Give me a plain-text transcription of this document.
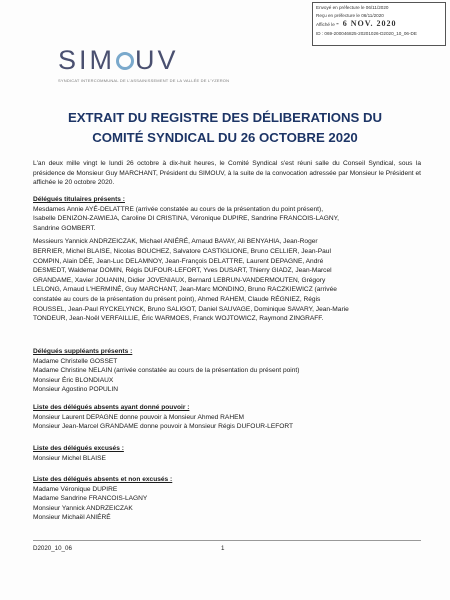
Envoyé en préfecture le 06/11/2020
Reçu en préfecture le 06/11/2020
Affiché le - 6 NOV. 2020
ID : 069-200046825-20201026-D2020_10_06-DE
SIM UV
SYNDICAT INTERCOMMUNAL DE L'ASSAINISSEMENT DE LA VALLÉE DE L'YZERON
EXTRAIT DU REGISTRE DES DÉLIBERATIONS DU
COMITÉ SYNDICAL DU 26 OCTOBRE 2020
L'an deux mille vingt le lundi 26 octobre à dix-huit heures, le Comité Syndical s'est réuni salle du Conseil Syndical, sous la présidence de Monsieur Guy MARCHANT, Président du SIMOUV, à la suite de la convocation adressée par Monsieur le Président et affichée le 20 octobre 2020.
Délégués titulaires présents :
Mesdames Annie AYÉ-DELATTRE (arrivée constatée au cours de la présentation du point présent),
Isabelle DENIZON-ZAWIEJA, Caroline DI CRISTINA, Véronique DUPIRE, Sandrine FRANCOIS-LAGNY,
Sandrine GOMBERT.
Messieurs Yannick ANDRZEICZAK, Michael ANIÉRÉ, Arnaud BAVAY, Ali BENYAHIA, Jean-Roger
BERRIER, Michel BLAISE, Nicolas BOUCHEZ, Salvatore CASTIGLIONE, Bruno CELLIER, Jean-Paul
COMPIN, Alain DÉE, Jean-Luc DELAMNOY, Jean-François DELATTRE, Laurent DEPAGNE, André
DESMEDT, Waldemar DOMIN, Régis DUFOUR-LEFORT, Yves DUSART, Thierry GIADZ, Jean-Marcel
GRANDAME, Xavier JOUANIN, Didier JOVENIAUX, Bernard LEBRUN-VANDERMOUTEN, Grégory
LELONG, Arnaud L'HERMINÉ, Guy MARCHANT, Jean-Marc MONDINO, Bruno RACZKIEWICZ (arrivée
constatée au cours de la présentation du présent point), Ahmed RAHEM, Claude RÉGNIEZ, Régis
ROUSSEL, Jean-Paul RYCKELYNCK, Bruno SALIGOT, Daniel SAUVAGE, Dominique SAVARY, Jean-Marie
TONDEUR, Jean-Noël VERFAILLIE, Éric WARMOES, Franck WOJTOWICZ, Raymond ZINGRAFF.
Délégués suppléants présents :
Madame Christelle GOSSET
Madame Christine NELAIN (arrivée constatée au cours de la présentation du présent point)
Monsieur Éric BLONDIAUX
Monsieur Agostino POPULIN
Liste des délégués absents ayant donné pouvoir :
Monsieur Laurent DEPAGNE donne pouvoir à Monsieur Ahmed RAHEM
Monsieur Jean-Marcel GRANDAME donne pouvoir à Monsieur Régis DUFOUR-LEFORT
Liste des délégués excusés :
Monsieur Michel BLAISE
Liste des délégués absents et non excusés :
Madame Véronique DUPIRE
Madame Sandrine FRANCOIS-LAGNY
Monsieur Yannick ANDRZEICZAK
Monsieur Michaël ANIÉRÉ
D2020_10_06	1
